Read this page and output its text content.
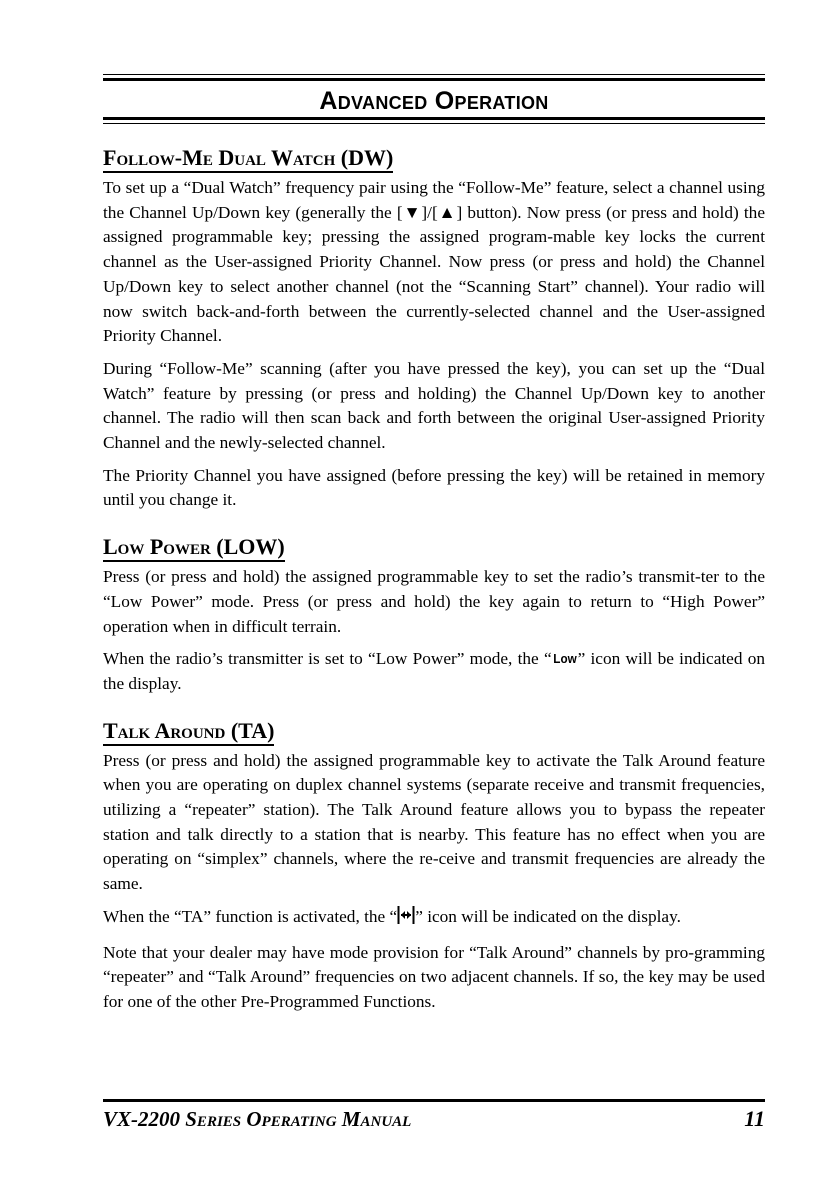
Advanced Operation
Follow-Me Dual Watch (DW)

To set up a “Dual Watch” frequency pair using the “Follow-Me” feature, select a channel using the Channel Up/Down key (generally the [▼]/[▲] button). Now press (or press and hold) the assigned programmable key; pressing the assigned program-mable key locks the current channel as the User-assigned Priority Channel. Now press (or press and hold) the Channel Up/Down key to select another channel (not the “Scanning Start” channel). Your radio will now switch back-and-forth between the currently-selected channel and the User-assigned Priority Channel.

During “Follow-Me” scanning (after you have pressed the key), you can set up the “Dual Watch” feature by pressing (or press and holding) the Channel Up/Down key to another channel. The radio will then scan back and forth between the original User-assigned Priority Channel and the newly-selected channel.

The Priority Channel you have assigned (before pressing the key) will be retained in memory until you change it.

Low Power (LOW)

Press (or press and hold) the assigned programmable key to set the radio’s transmit-ter to the “Low Power” mode. Press (or press and hold) the key again to return to “High Power” operation when in difficult terrain.

When the radio’s transmitter is set to “Low Power” mode, the “Low” icon will be indicated on the display.

Talk Around (TA)

Press (or press and hold) the assigned programmable key to activate the Talk Around feature when you are operating on duplex channel systems (separate receive and transmit frequencies, utilizing a “repeater” station). The Talk Around feature allows you to bypass the repeater station and talk directly to a station that is nearby. This feature has no effect when you are operating on “simplex” channels, where the re-ceive and transmit frequencies are already the same.

When the “TA” function is activated, the “ ” icon will be indicated on the display.

Note that your dealer may have mode provision for “Talk Around” channels by pro-gramming “repeater” and “Talk Around” frequencies on two adjacent channels. If so, the key may be used for one of the other Pre-Programmed Functions.

VX-2200 Series Operating Manual	11
